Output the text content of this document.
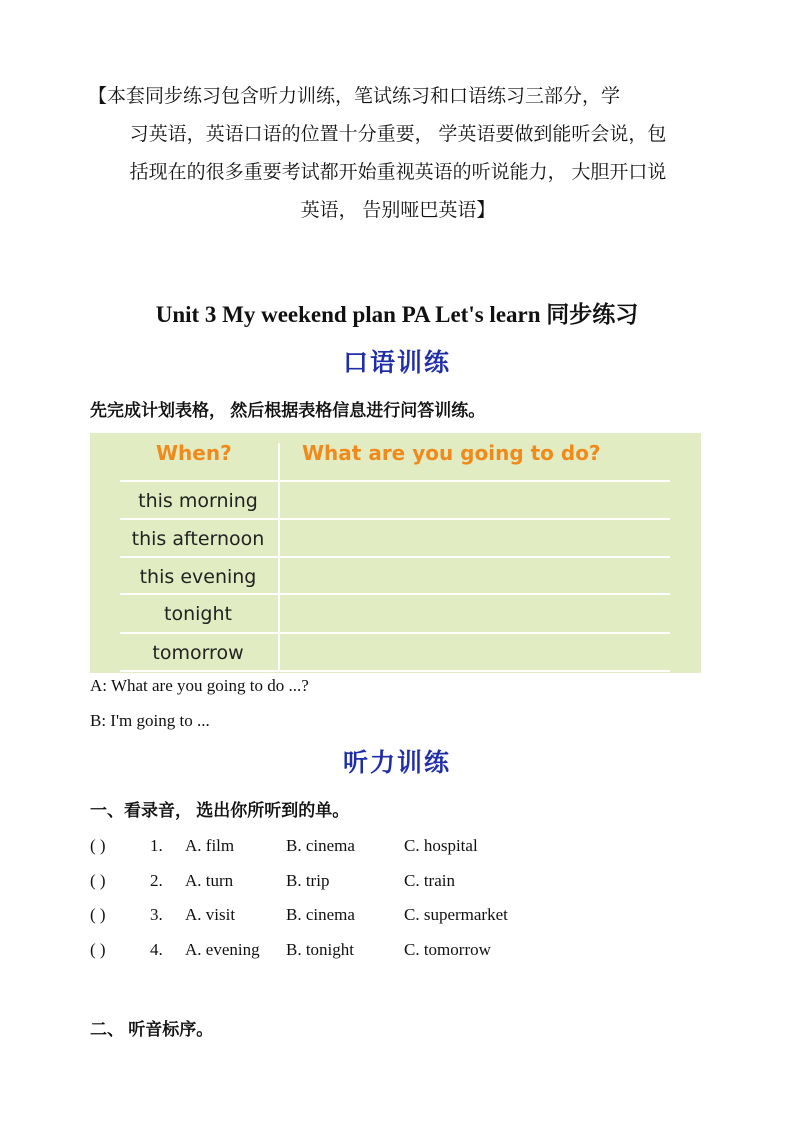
【本套同步练习包含听力训练，笔试练习和口语练习三部分，学

习英语，英语口语的位置十分重要， 学英语要做到能听会说，包

括现在的很多重要考试都开始重视英语的听说能力， 大胆开口说

英语， 告别哑巴英语】

Unit 3 My weekend plan PA Let's learn 同步练习
口语训练
先完成计划表格， 然后根据表格信息进行问答训练。
When?	What are you going to do?
this morning
this afternoon
this evening
tonight
tomorrow
A: What are you going to do ...?
B: I'm going to ...
听力训练
一、看录音， 选出你所听到的单。
( )	1. A. film	B. cinema	C. hospital
( )	2. A. turn	B. trip	C. train
( )	3. A. visit	B. cinema	C. supermarket
( )	4. A. evening B. tonight	C. tomorrow
二、 听音标序。
